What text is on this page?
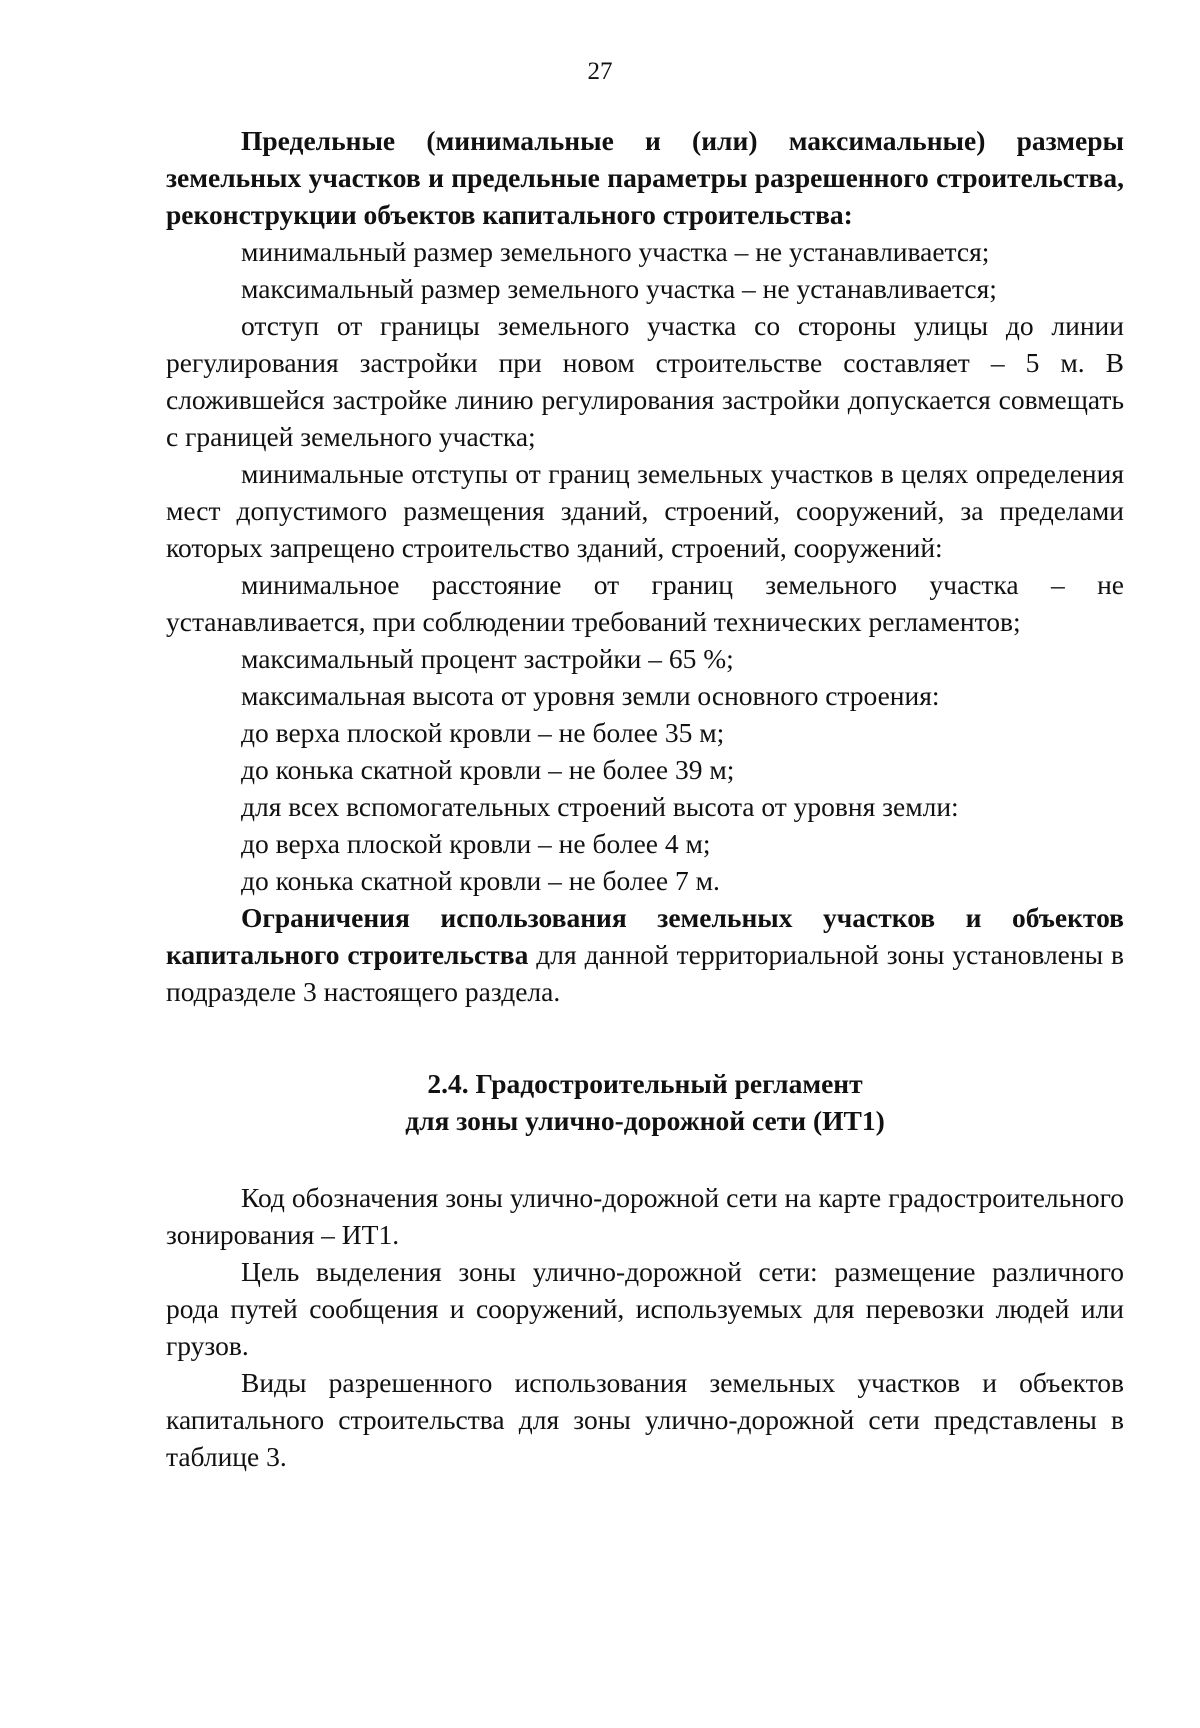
27

Предельные (минимальные и (или) максимальные) размеры земельных участков и предельные параметры разрешенного строительства, реконструкции объектов капитального строительства:

минимальный размер земельного участка – не устанавливается;

максимальный размер земельного участка – не устанавливается;

отступ от границы земельного участка со стороны улицы до линии регулирования застройки при новом строительстве составляет – 5 м. В сложившейся застройке линию регулирования застройки допускается совмещать с границей земельного участка;

минимальные отступы от границ земельных участков в целях определения мест допустимого размещения зданий, строений, сооружений, за пределами которых запрещено строительство зданий, строений, сооружений:

минимальное расстояние от границ земельного участка – не устанавливается, при соблюдении требований технических регламентов;

максимальный процент застройки – 65 %;

максимальная высота от уровня земли основного строения:

до верха плоской кровли – не более 35 м;

до конька скатной кровли – не более 39 м;

для всех вспомогательных строений высота от уровня земли:

до верха плоской кровли – не более 4 м;

до конька скатной кровли – не более 7 м.

Ограничения использования земельных участков и объектов капитального строительства для данной территориальной зоны установлены в подразделе 3 настоящего раздела.

2.4. Градостроительный регламент
для зоны улично-дорожной сети (ИТ1)

Код обозначения зоны улично-дорожной сети на карте градостроительного зонирования – ИТ1.

Цель выделения зоны улично-дорожной сети: размещение различного рода путей сообщения и сооружений, используемых для перевозки людей или грузов.

Виды разрешенного использования земельных участков и объектов капитального строительства для зоны улично-дорожной сети представлены в таблице 3.
